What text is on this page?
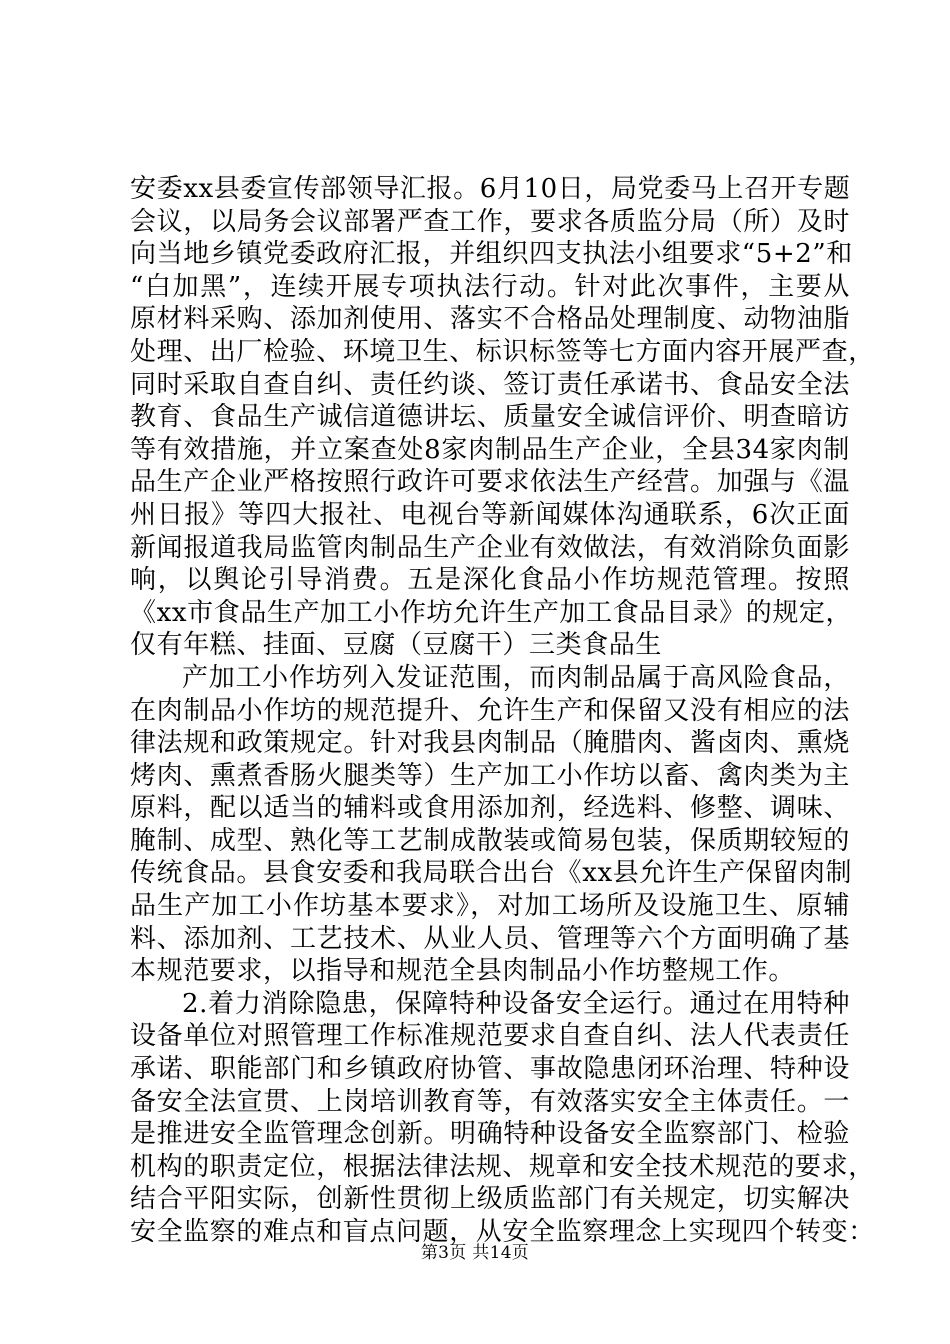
安委xx县委宣传部领导汇报。6月10日，局党委马上召开专题
会议，以局务会议部署严查工作，要求各质监分局（所）及时
向当地乡镇党委政府汇报，并组织四支执法小组要求“5+2”和
“白加黑”，连续开展专项执法行动。针对此次事件，主要从
原材料采购、添加剂使用、落实不合格品处理制度、动物油脂
处理、出厂检验、环境卫生、标识标签等七方面内容开展严查，
同时采取自查自纠、责任约谈、签订责任承诺书、食品安全法
教育、食品生产诚信道德讲坛、质量安全诚信评价、明查暗访
等有效措施，并立案查处8家肉制品生产企业，全县34家肉制
品生产企业严格按照行政许可要求依法生产经营。加强与《温
州日报》等四大报社、电视台等新闻媒体沟通联系，6次正面
新闻报道我局监管肉制品生产企业有效做法，有效消除负面影
响，以舆论引导消费。五是深化食品小作坊规范管理。按照
《xx市食品生产加工小作坊允许生产加工食品目录》的规定，
仅有年糕、挂面、豆腐（豆腐干）三类食品生
产加工小作坊列入发证范围，而肉制品属于高风险食品，
在肉制品小作坊的规范提升、允许生产和保留又没有相应的法
律法规和政策规定。针对我县肉制品（腌腊肉、酱卤肉、熏烧
烤肉、熏煮香肠火腿类等）生产加工小作坊以畜、禽肉类为主
原料，配以适当的辅料或食用添加剂，经选料、修整、调味、
腌制、成型、熟化等工艺制成散装或简易包装，保质期较短的
传统食品。县食安委和我局联合出台《xx县允许生产保留肉制
品生产加工小作坊基本要求》，对加工场所及设施卫生、原辅
料、添加剂、工艺技术、从业人员、管理等六个方面明确了基
本规范要求，以指导和规范全县肉制品小作坊整规工作。
2.着力消除隐患，保障特种设备安全运行。通过在用特种
设备单位对照管理工作标准规范要求自查自纠、法人代表责任
承诺、职能部门和乡镇政府协管、事故隐患闭环治理、特种设
备安全法宣贯、上岗培训教育等，有效落实安全主体责任。一
是推进安全监管理念创新。明确特种设备安全监察部门、检验
机构的职责定位，根据法律法规、规章和安全技术规范的要求，
结合平阳实际，创新性贯彻上级质监部门有关规定，切实解决
安全监察的难点和盲点问题，从安全监察理念上实现四个转变：
第3页 共14页
